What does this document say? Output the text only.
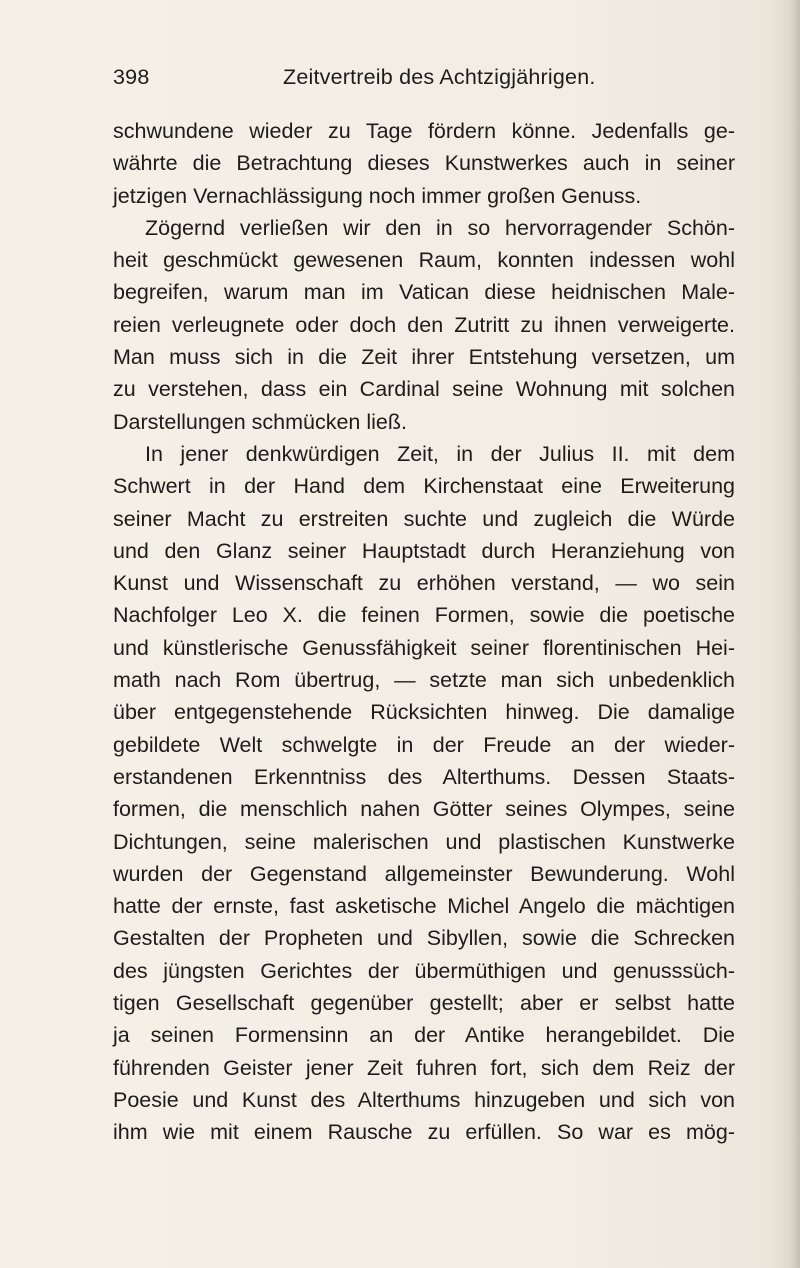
398	Zeitvertreib des Achtzigjährigen.
schwundene wieder zu Tage fördern könne. Jedenfalls ge-
währte die Betrachtung dieses Kunstwerkes auch in seiner
jetzigen Vernachlässigung noch immer großen Genuss.
Zögernd verließen wir den in so hervorragender Schön-
heit geschmückt gewesenen Raum, konnten indessen wohl
begreifen, warum man im Vatican diese heidnischen Male-
reien verleugnete oder doch den Zutritt zu ihnen verweigerte.
Man muss sich in die Zeit ihrer Entstehung versetzen, um
zu verstehen, dass ein Cardinal seine Wohnung mit solchen
Darstellungen schmücken ließ.
In jener denkwürdigen Zeit, in der Julius II. mit dem
Schwert in der Hand dem Kirchenstaat eine Erweiterung
seiner Macht zu erstreiten suchte und zugleich die Würde
und den Glanz seiner Hauptstadt durch Heranziehung von
Kunst und Wissenschaft zu erhöhen verstand, — wo sein
Nachfolger Leo X. die feinen Formen, sowie die poetische
und künstlerische Genussfähigkeit seiner florentinischen Hei-
math nach Rom übertrug, — setzte man sich unbedenklich
über entgegenstehende Rücksichten hinweg. Die damalige
gebildete Welt schwelgte in der Freude an der wieder-
erstandenen Erkenntniss des Alterthums. Dessen Staats-
formen, die menschlich nahen Götter seines Olympes, seine
Dichtungen, seine malerischen und plastischen Kunstwerke
wurden der Gegenstand allgemeinster Bewunderung. Wohl
hatte der ernste, fast asketische Michel Angelo die mächtigen
Gestalten der Propheten und Sibyllen, sowie die Schrecken
des jüngsten Gerichtes der übermüthigen und genusssüch-
tigen Gesellschaft gegenüber gestellt; aber er selbst hatte
ja seinen Formensinn an der Antike herangebildet. Die
führenden Geister jener Zeit fuhren fort, sich dem Reiz der
Poesie und Kunst des Alterthums hinzugeben und sich von
ihm wie mit einem Rausche zu erfüllen. So war es mög-
